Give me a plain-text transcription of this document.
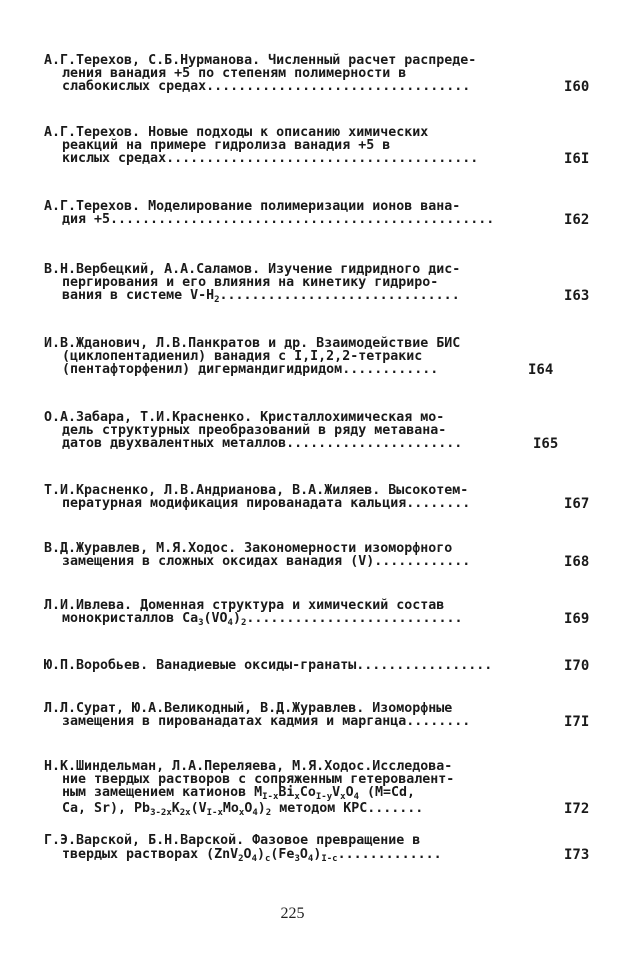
А.Г.Терехов, С.Б.Нурманова. Численный расчет распреде-
ления ванадия +5 по степеням полимерности в
слабокислых средах.................................	I60
А.Г.Терехов. Новые подходы к описанию химических
реакций на примере гидролиза ванадия +5 в
кислых средах.......................................	I6I
А.Г.Терехов. Моделирование полимеризации ионов вана-
дия +5................................................	I62
В.Н.Вербецкий, А.А.Саламов. Изучение гидридного дис-
пергирования и его влияния на кинетику гидриро-
вания в системе $V-H_2$..............................	I63
И.В.Жданович, Л.В.Панкратов и др. Взаимодействие БИС
(циклопентадиенил) ванадия с I,I,2,2-тетракис
(пентафторфенил) дигермандигидридом............	I64
О.А.Забара, Т.И.Красненко. Кристаллохимическая мо-
дель структурных преобразований в ряду метавана-
датов двухвалентных металлов......................	I65
Т.И.Красненко, Л.В.Андрианова, В.А.Жиляев. Высокотем-
пературная модификация пированадата кальция........	I67
В.Д.Журавлев, М.Я.Ходос. Закономерности изоморфного
замещения в сложных оксидах ванадия (V)............	I68
Л.И.Ивлева. Доменная структура и химический состав
монокристаллов $Ca_3(VO_4)_2$...........................	I69
Ю.П.Воробьев. Ванадиевые оксиды-гранаты.................	I70
Л.Л.Сурат, Ю.А.Великодный, В.Д.Журавлев. Изоморфные
замещения в пированадатах кадмия и марганца........	I7I
Н.К.Шиндельман, Л.А.Переляева, М.Я.Ходос.Исследова-
ние твердых растворов с сопряженным гетеровалент-
ным замещением катионов $M_{I-x}Bi_xCo_{I-y}V_xO_4$ (M=Cd,
Ca, Sr), $Pb_{3-2x}K_{2x}(V_{I-x}Mo_xO_4)_2$ методом КРС.......	I72
Г.Э.Варской, Б.Н.Варской. Фазовое превращение в
твердых растворах $(ZnV_2O_4)_c(Fe_3O_4)_{I-c}$.............	I73
225
